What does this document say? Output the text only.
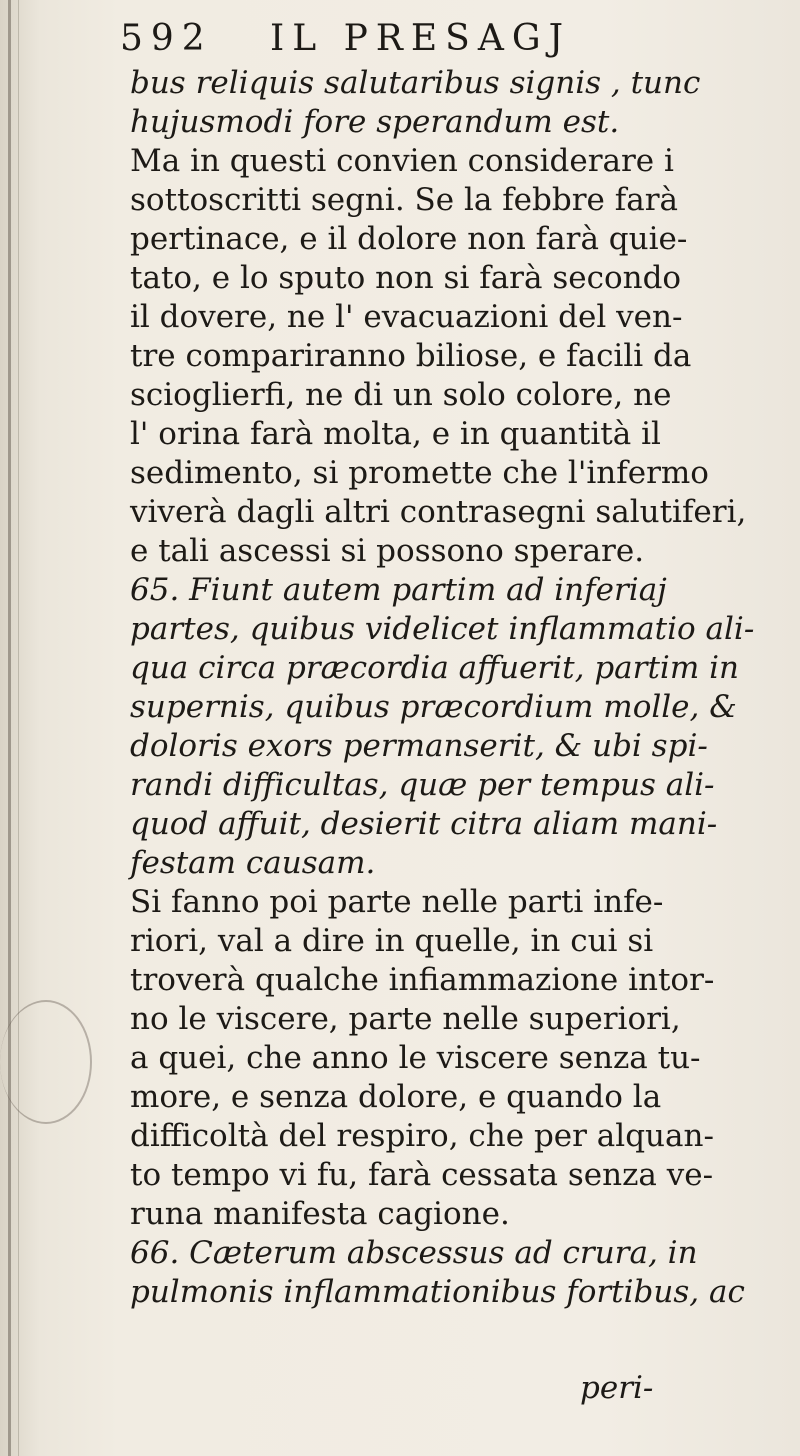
592 IL PRESAGJ
bus reliquis salutaribus signis , tunc
hujusmodi fore sperandum est.
Ma in questi convien considerare i
sottoscritti segni. Se la febbre farà
pertinace, e il dolore non farà quie-
tato, e lo sputo non si farà secondo
il dovere, ne l' evacuazioni del ven-
tre compariranno biliose, e facili da
scioglierfi, ne di un solo colore, ne
l' orina farà molta, e in quantità il
sedimento, si promette che l'infermo
viverà dagli altri contrasegni salutiferi,
e tali ascessi si possono sperare.
65. Fiunt autem partim ad inferiaj
partes, quibus videlicet inflammatio ali-
qua circa præcordia affuerit, partim in
supernis, quibus præcordium molle, &
doloris exors permanserit, & ubi spi-
randi difficultas, quæ per tempus ali-
quod affuit, desierit citra aliam mani-
festam causam.
Si fanno poi parte nelle parti infe-
riori, val a dire in quelle, in cui si
troverà qualche infiammazione intor-
no le viscere, parte nelle superiori,
a quei, che anno le viscere senza tu-
more, e senza dolore, e quando la
difficoltà del respiro, che per alquan-
to tempo vi fu, farà cessata senza ve-
runa manifesta cagione.
66. Cæterum abscessus ad crura, in
pulmonis inflammationibus fortibus, ac
peri-
